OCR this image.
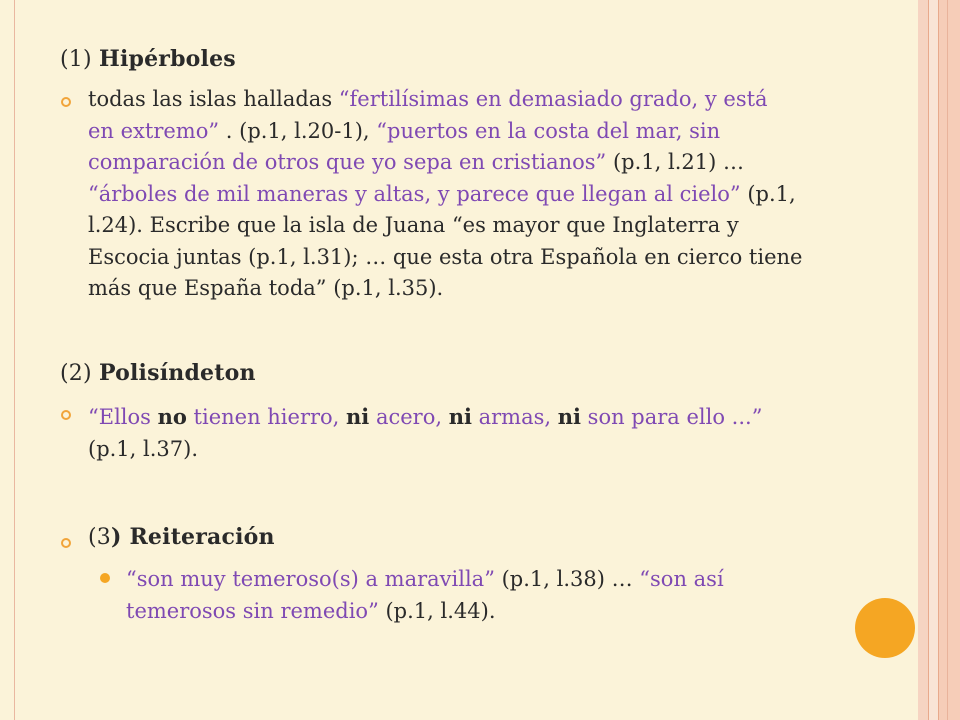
(1) Hipérboles
todas las islas halladas “fertilísimas en demasiado grado, y está
en extremo” . (p.1, l.20-1), “puertos en la costa del mar, sin
comparación de otros que yo sepa en cristianos” (p.1, l.21) …
“árboles de mil maneras y altas, y parece que llegan al cielo” (p.1,
l.24). Escribe que la isla de Juana “es mayor que Inglaterra y
Escocia juntas (p.1, l.31); … que esta otra Española en cierco tiene
más que España toda” (p.1, l.35).
(2) Polisíndeton
“Ellos no tienen hierro, ni acero, ni armas, ni son para ello ...”
(p.1, l.37).
(3) Reiteración
“son muy temeroso(s) a maravilla” (p.1, l.38) … “son así
temerosos sin remedio” (p.1, l.44).
